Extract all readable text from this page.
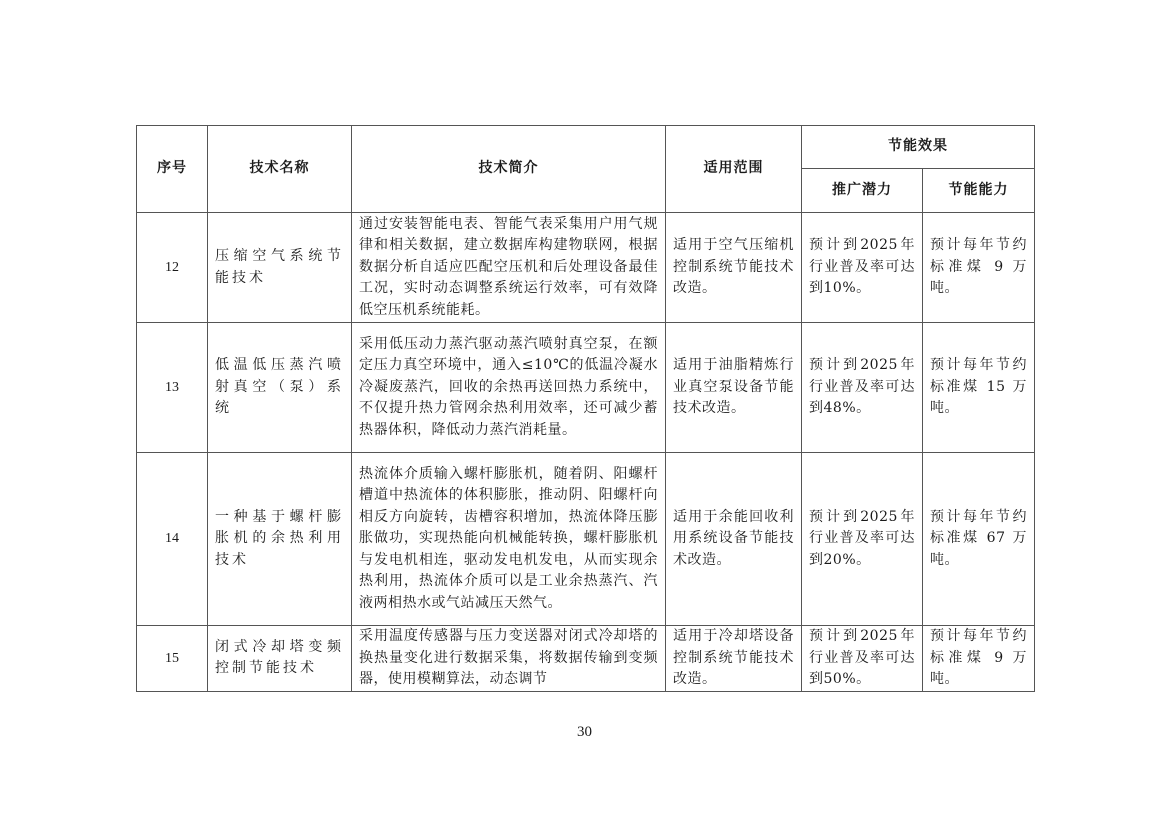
序号	技术名称	技术简介	适用范围	节能效果	
				推广潜力	节能能力
12	压缩空气系统节能技术	通过安装智能电表、智能气表采集用户用气规律和相关数据，建立数据库构建物联网，根据数据分析自适应匹配空压机和后处理设备最佳工况，实时动态调整系统运行效率，可有效降低空压机系统能耗。	适用于空气压缩机控制系统节能技术改造。	预计到2025年行业普及率可达到10%。	预计每年节约标准煤 9 万吨。
13	低温低压蒸汽喷射真空（泵）系统	采用低压动力蒸汽驱动蒸汽喷射真空泵，在额定压力真空环境中，通入≤10℃的低温冷凝水冷凝废蒸汽，回收的余热再送回热力系统中，不仅提升热力管网余热利用效率，还可减少蓄热器体积，降低动力蒸汽消耗量。	适用于油脂精炼行业真空泵设备节能技术改造。	预计到2025年行业普及率可达到48%。	预计每年节约标准煤 15 万吨。
14	一种基于螺杆膨胀机的余热利用技术	热流体介质输入螺杆膨胀机，随着阴、阳螺杆槽道中热流体的体积膨胀，推动阴、阳螺杆向相反方向旋转，齿槽容积增加，热流体降压膨胀做功，实现热能向机械能转换，螺杆膨胀机与发电机相连，驱动发电机发电，从而实现余热利用，热流体介质可以是工业余热蒸汽、汽液两相热水或气站减压天然气。	适用于余能回收利用系统设备节能技术改造。	预计到2025年行业普及率可达到20%。	预计每年节约标准煤 67 万吨。
15	闭式冷却塔变频控制节能技术	采用温度传感器与压力变送器对闭式冷却塔的换热量变化进行数据采集，将数据传输到变频器，使用模糊算法，动态调节	适用于冷却塔设备控制系统节能技术改造。	预计到2025年行业普及率可达到50%。	预计每年节约标准煤 9 万吨。
30
